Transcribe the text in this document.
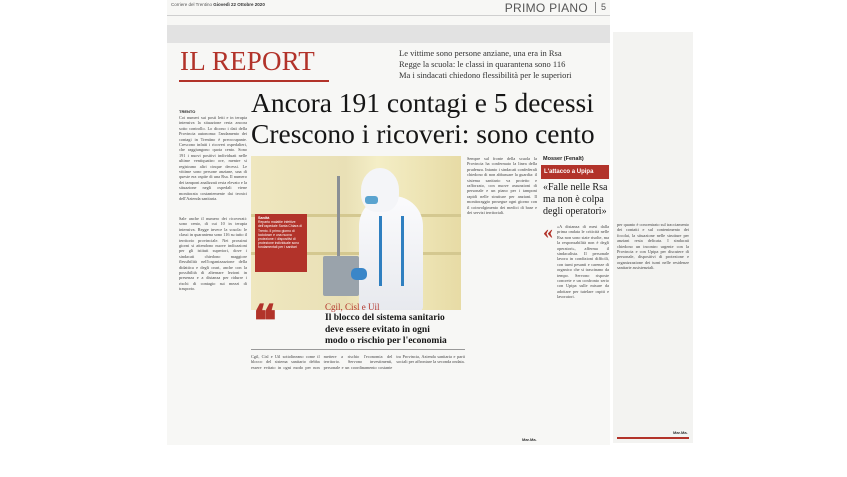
Corriere del Trentino Giovedì 22 Ottobre 2020	PRIMO PIANO 5
IL REPORT	Le vittime sono persone anziane, una era in Rsa
Regge la scuola: le classi in quarantena sono 116
Ma i sindacati chiedono flessibilità per le superiori
Ancora 191 contagi e 5 decessi
Crescono i ricoveri: sono cento
TRENTO
Coi numeri sui posti letti e in terapia intensiva la situazione resta ancora sotto controllo. Lo dicono i dati della Provincia autonoma: l'andamento dei contagi in Trentino è preoccupante. Crescono infatti i ricoveri ospedalieri, che raggiungono quota cento. Sono 191 i nuovi positivi individuati nelle ultime ventiquattro ore, mentre si registrano altri cinque decessi. Le vittime sono persone anziane, una di queste era ospite di una Rsa. Il numero dei tamponi analizzati resta elevato e la situazione negli ospedali viene monitorata costantemente dai tecnici dell'Azienda sanitaria.
Sale anche il numero dei ricoverati: sono cento, di cui 10 in terapia intensiva. Regge invece la scuola: le classi in quarantena sono 116 su tutto il territorio provinciale. Nei prossimi giorni si attendono nuove indicazioni per gli istituti superiori, dove i sindacati chiedono maggiore flessibilità nell'organizzazione della didattica e degli orari, anche con la possibilità di alternare lezioni in presenza e a distanza per ridurre i rischi di contagio sui mezzi di trasporto.
Sempre sul fronte della scuola la Provincia ha confermato la linea della prudenza. Intanto i sindacati confederali chiedono di non abbassare la guardia: il sistema sanitario va protetto e rafforzato, con nuove assunzioni di personale e un piano per i tamponi rapidi nelle strutture per anziani. Il monitoraggio prosegue ogni giorno con il coinvolgimento dei medici di base e dei servizi territoriali.
Sanità
Reparto malattie infettive dell'ospedale Santa Chiara di Trento. Il primo giorno di lockdown e una nuova proiezione: i dispositivi di protezione individuale sono fondamentali per i sanitari
❝	Cgil, Cisl e Uil
Il blocco del sistema sanitario
deve essere evitato in ogni
modo o rischio per l'economia
Cgil, Cisl e Uil sottolineano come il blocco del sistema sanitario debba essere evitato in ogni modo per non mettere a rischio l'economia del territorio. Servono investimenti, personale e un coordinamento costante tra Provincia, Azienda sanitaria e parti sociali per affrontare la seconda ondata.
Mosser (Fenalt)
L'attacco a Upipa
«Falle nelle Rsa
ma non è colpa
degli operatori»
« «A distanza di mesi dalla prima ondata le criticità nelle Rsa non sono state risolte, ma la responsabilità non è degli operatori», afferma il sindacalista. Il personale lavora in condizioni difficili, con turni pesanti e carenze di organico che si trascinano da tempo. Servono risposte concrete e un confronto serio con Upipa sulle misure da adottare per tutelare ospiti e lavoratori.
Mar.Ma.
per quanto è concentrato sul tracciamento dei contatti e sul contenimento dei focolai, la situazione nelle strutture per anziani resta delicata. I sindacati chiedono un incontro urgente con la Provincia e con Upipa per discutere di personale, dispositivi di protezione e organizzazione dei turni nelle residenze sanitarie assistenziali.
Mar.Ma.
